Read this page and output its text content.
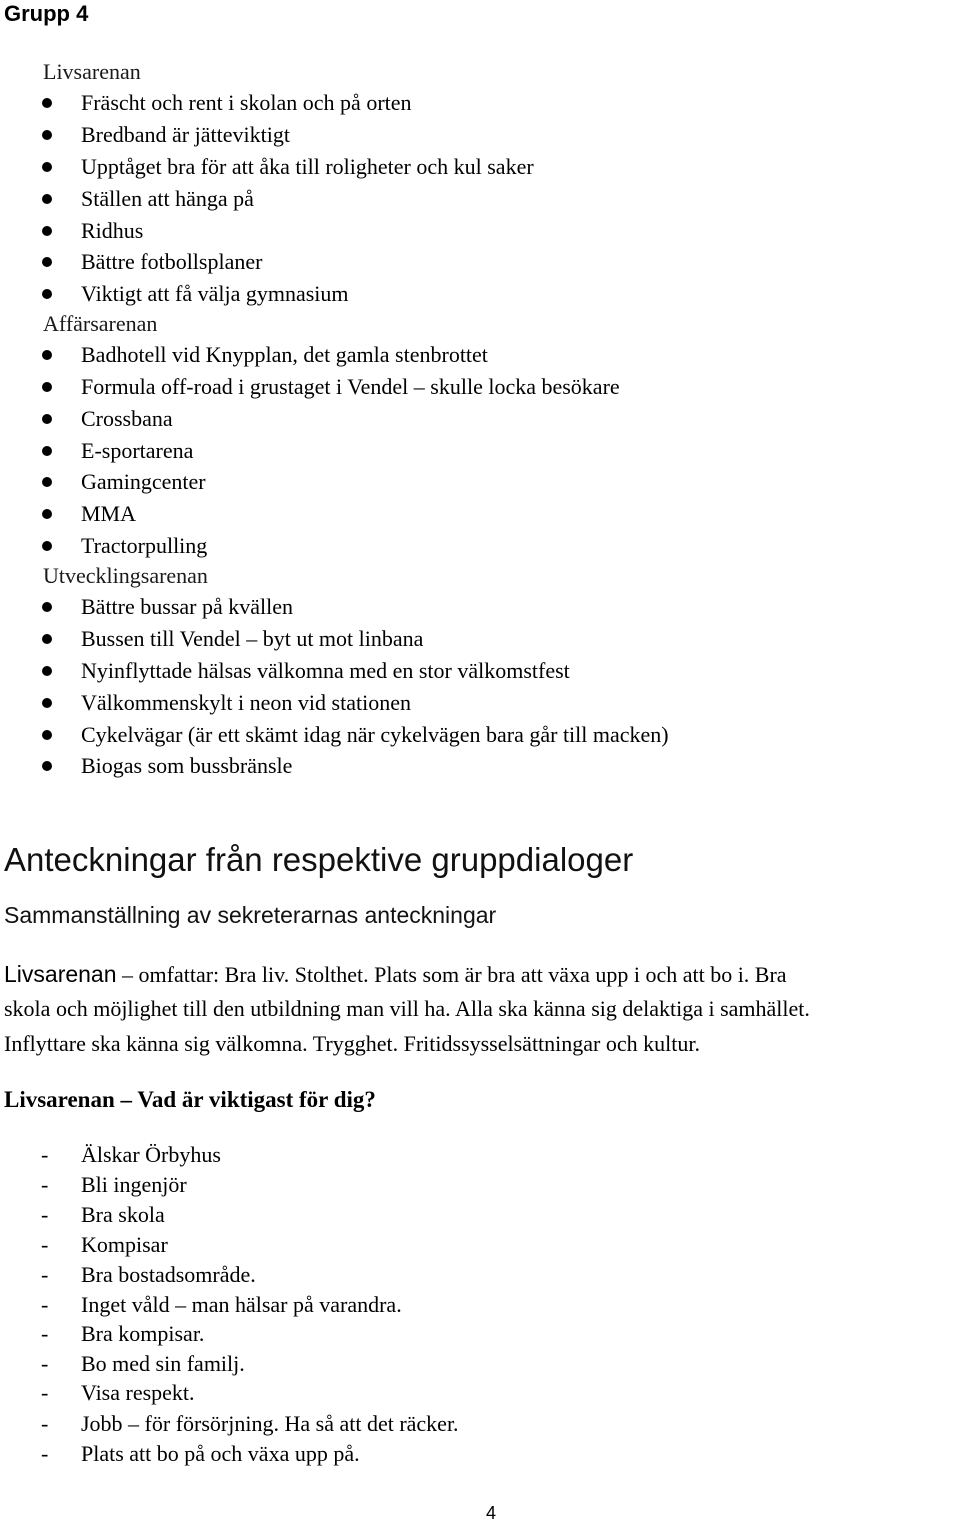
Grupp 4
Livsarenan
Fräscht och rent i skolan och på orten
Bredband är jätteviktigt
Upptåget bra för att åka till roligheter och kul saker
Ställen att hänga på
Ridhus
Bättre fotbollsplaner
Viktigt att få välja gymnasium
Affärsarenan
Badhotell vid Knypplan, det gamla stenbrottet
Formula off-road i grustaget i Vendel – skulle locka besökare
Crossbana
E-sportarena
Gamingcenter
MMA
Tractorpulling
Utvecklingsarenan
Bättre bussar på kvällen
Bussen till Vendel – byt ut mot linbana
Nyinflyttade hälsas välkomna med en stor välkomstfest
Välkommenskylt i neon vid stationen
Cykelvägar (är ett skämt idag när cykelvägen bara går till macken)
Biogas som bussbränsle
Anteckningar från respektive gruppdialoger
Sammanställning av sekreterarnas anteckningar
Livsarenan – omfattar: Bra liv. Stolthet. Plats som är bra att växa upp i och att bo i. Bra
skola och möjlighet till den utbildning man vill ha. Alla ska känna sig delaktiga i samhället.
Inflyttare ska känna sig välkomna. Trygghet. Fritidssysselsättningar och kultur.
Livsarenan – Vad är viktigast för dig?
- Älskar Örbyhus
- Bli ingenjör
- Bra skola
- Kompisar
- Bra bostadsområde.
- Inget våld – man hälsar på varandra.
- Bra kompisar.
- Bo med sin familj.
- Visa respekt.
- Jobb – för försörjning. Ha så att det räcker.
- Plats att bo på och växa upp på.
4
